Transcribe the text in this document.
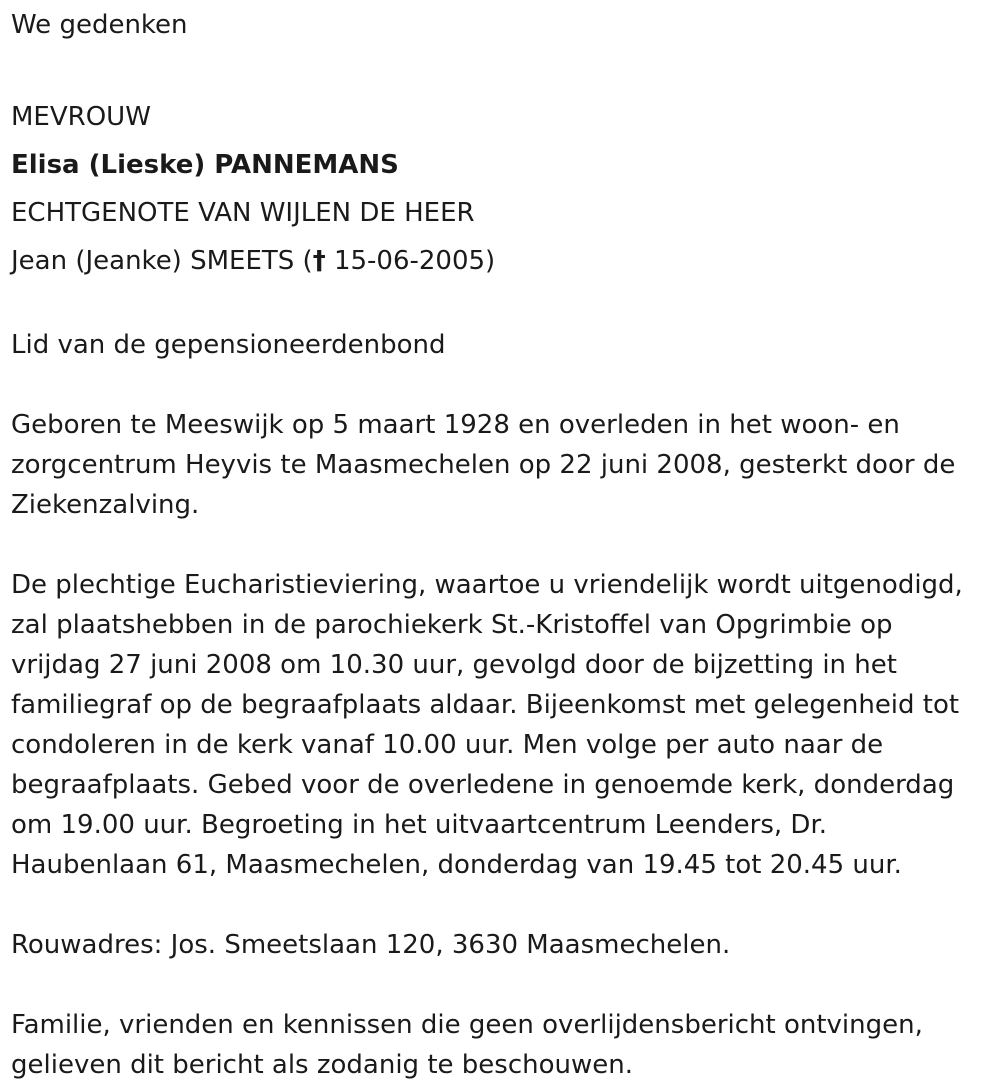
We gedenken

MEVROUW

Elisa (Lieske) PANNEMANS

ECHTGENOTE VAN WIJLEN DE HEER

Jean (Jeanke) SMEETS († 15-06-2005)

Lid van de gepensioneerdenbond

Geboren te Meeswijk op 5 maart 1928 en overleden in het woon- en

zorgcentrum Heyvis te Maasmechelen op 22 juni 2008, gesterkt door de

Ziekenzalving.

De plechtige Eucharistieviering, waartoe u vriendelijk wordt uitgenodigd,

zal plaatshebben in de parochiekerk St.-Kristoffel van Opgrimbie op

vrijdag 27 juni 2008 om 10.30 uur, gevolgd door de bijzetting in het

familiegraf op de begraafplaats aldaar. Bijeenkomst met gelegenheid tot

condoleren in de kerk vanaf 10.00 uur. Men volge per auto naar de

begraafplaats. Gebed voor de overledene in genoemde kerk, donderdag

om 19.00 uur. Begroeting in het uitvaartcentrum Leenders, Dr.

Haubenlaan 61, Maasmechelen, donderdag van 19.45 tot 20.45 uur.

Rouwadres: Jos. Smeetslaan 120, 3630 Maasmechelen.

Familie, vrienden en kennissen die geen overlijdensbericht ontvingen,

gelieven dit bericht als zodanig te beschouwen.
